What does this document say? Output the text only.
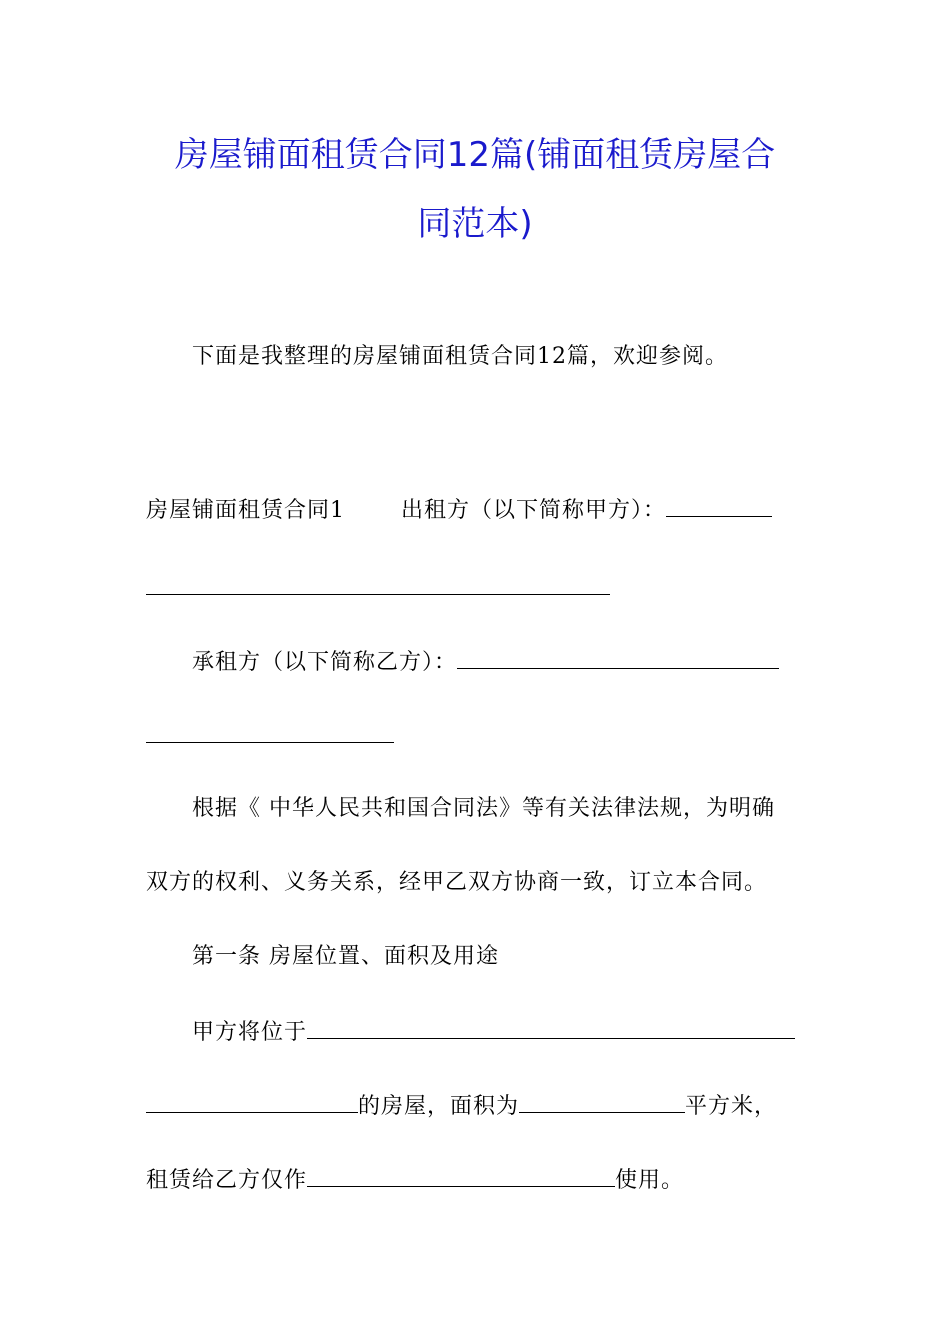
房屋铺面租赁合同12篇(铺面租赁房屋合
同范本)
下面是我整理的房屋铺面租赁合同12篇，欢迎参阅。
房屋铺面租赁合同1	出租方（以下简称甲方）：
承租方（以下简称乙方）：
根据《 中华人民共和国合同法》等有关法律法规，为明确
双方的权利、义务关系，经甲乙双方协商一致，订立本合同。
第一条 房屋位置、面积及用途
甲方将位于
的房屋，面积为	平方米，
租赁给乙方仅作	使用。
